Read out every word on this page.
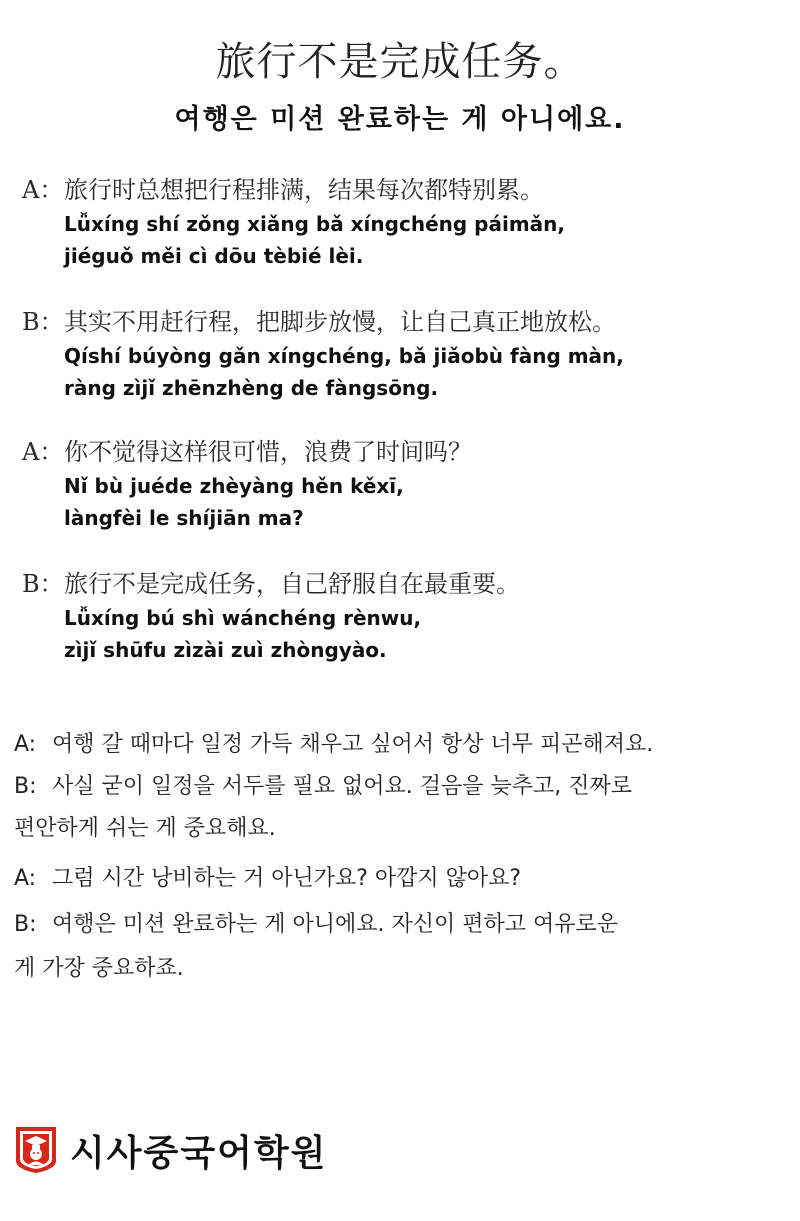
旅行不是完成任务。
여행은 미션 완료하는 게 아니에요.
A：旅行时总想把行程排满，结果每次都特别累。
Lǚxíng shí zǒng xiǎng bǎ xíngchéng páimǎn,
jiéguǒ měi cì dōu tèbié lèi.
B：其实不用赶行程，把脚步放慢，让自己真正地放松。
Qíshí búyòng gǎn xíngchéng, bǎ jiǎobù fàng màn,
ràng zìjǐ zhēnzhèng de fàngsōng.
A：你不觉得这样很可惜，浪费了时间吗？
Nǐ bù juéde zhèyàng hěn kěxī,
làngfèi le shíjiān ma?
B：旅行不是完成任务，自己舒服自在最重要。
Lǚxíng bú shì wánchéng rènwu,
zìjǐ shūfu zìzài zuì zhòngyào.
A: 여행 갈 때마다 일정 가득 채우고 싶어서 항상 너무 피곤해져요.
B: 사실 굳이 일정을 서두를 필요 없어요. 걸음을 늦추고, 진짜로
편안하게 쉬는 게 중요해요.
A: 그럼 시간 낭비하는 거 아닌가요? 아깝지 않아요?
B: 여행은 미션 완료하는 게 아니에요. 자신이 편하고 여유로운
게 가장 중요하죠.
시사중국어학원
